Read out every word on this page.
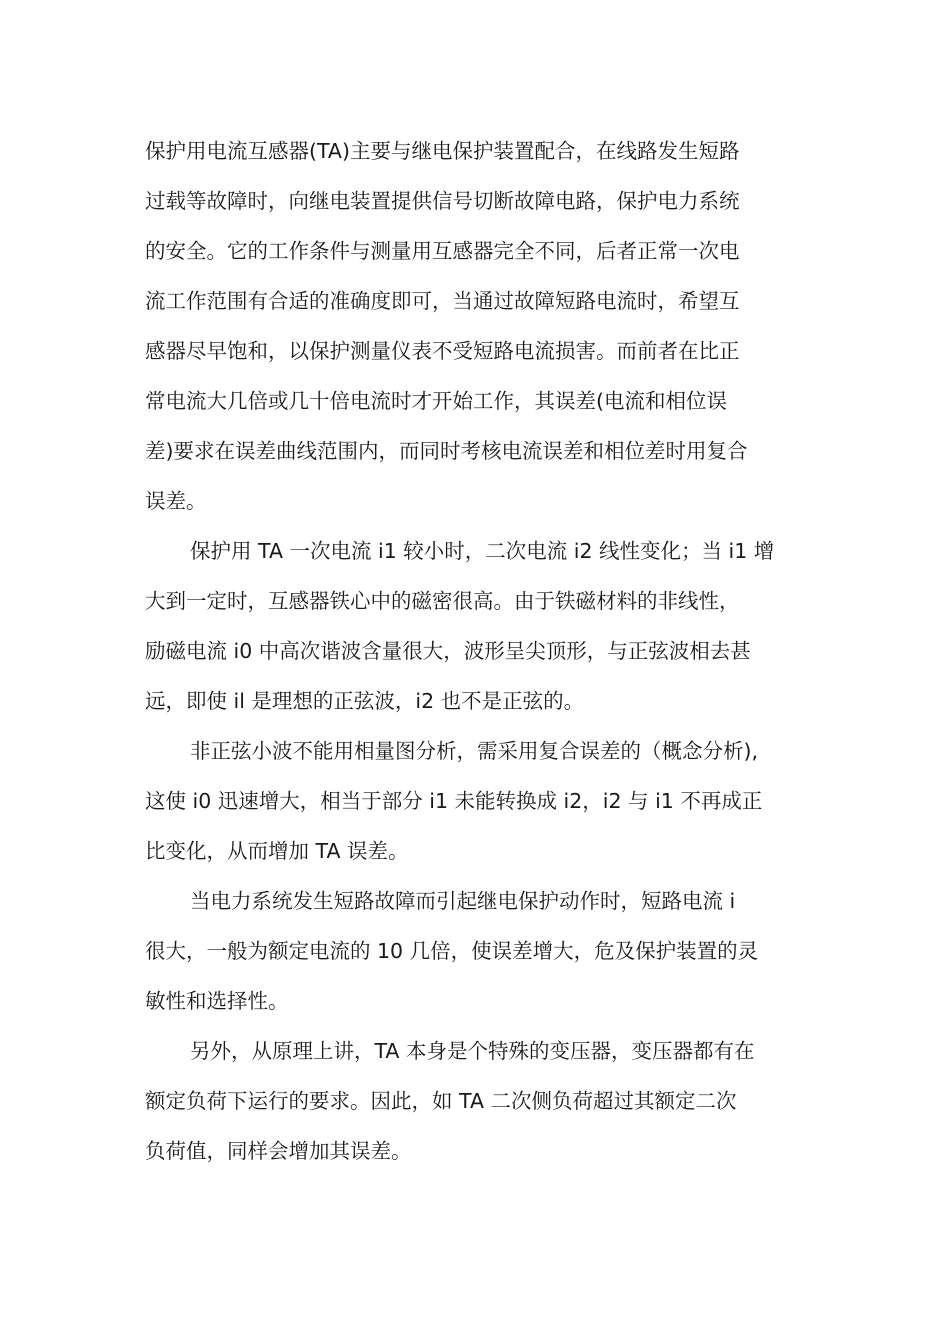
保护用电流互感器(TA)主要与继电保护装置配合，在线路发生短路
过载等故障时，向继电装置提供信号切断故障电路，保护电力系统
的安全。它的工作条件与测量用互感器完全不同，后者正常一次电
流工作范围有合适的准确度即可，当通过故障短路电流时，希望互
感器尽早饱和，以保护测量仪表不受短路电流损害。而前者在比正
常电流大几倍或几十倍电流时才开始工作，其误差(电流和相位误
差)要求在误差曲线范围内，而同时考核电流误差和相位差时用复合
误差。
保护用 TA 一次电流 i1 较小时，二次电流 i2 线性变化；当 i1 增
大到一定时，互感器铁心中的磁密很高。由于铁磁材料的非线性，
励磁电流 i0 中高次谐波含量很大，波形呈尖顶形，与正弦波相去甚
远，即使 il 是理想的正弦波，i2 也不是正弦的。
非正弦小波不能用相量图分析，需采用复合误差的（概念分析),
这使 i0 迅速增大，相当于部分 i1 未能转换成 i2，i2 与 i1 不再成正
比变化，从而增加 TA 误差。
当电力系统发生短路故障而引起继电保护动作时，短路电流 i
很大，一般为额定电流的 10 几倍，使误差增大，危及保护装置的灵
敏性和选择性。
另外，从原理上讲，TA 本身是个特殊的变压器，变压器都有在
额定负荷下运行的要求。因此，如 TA 二次侧负荷超过其额定二次
负荷值，同样会增加其误差。
